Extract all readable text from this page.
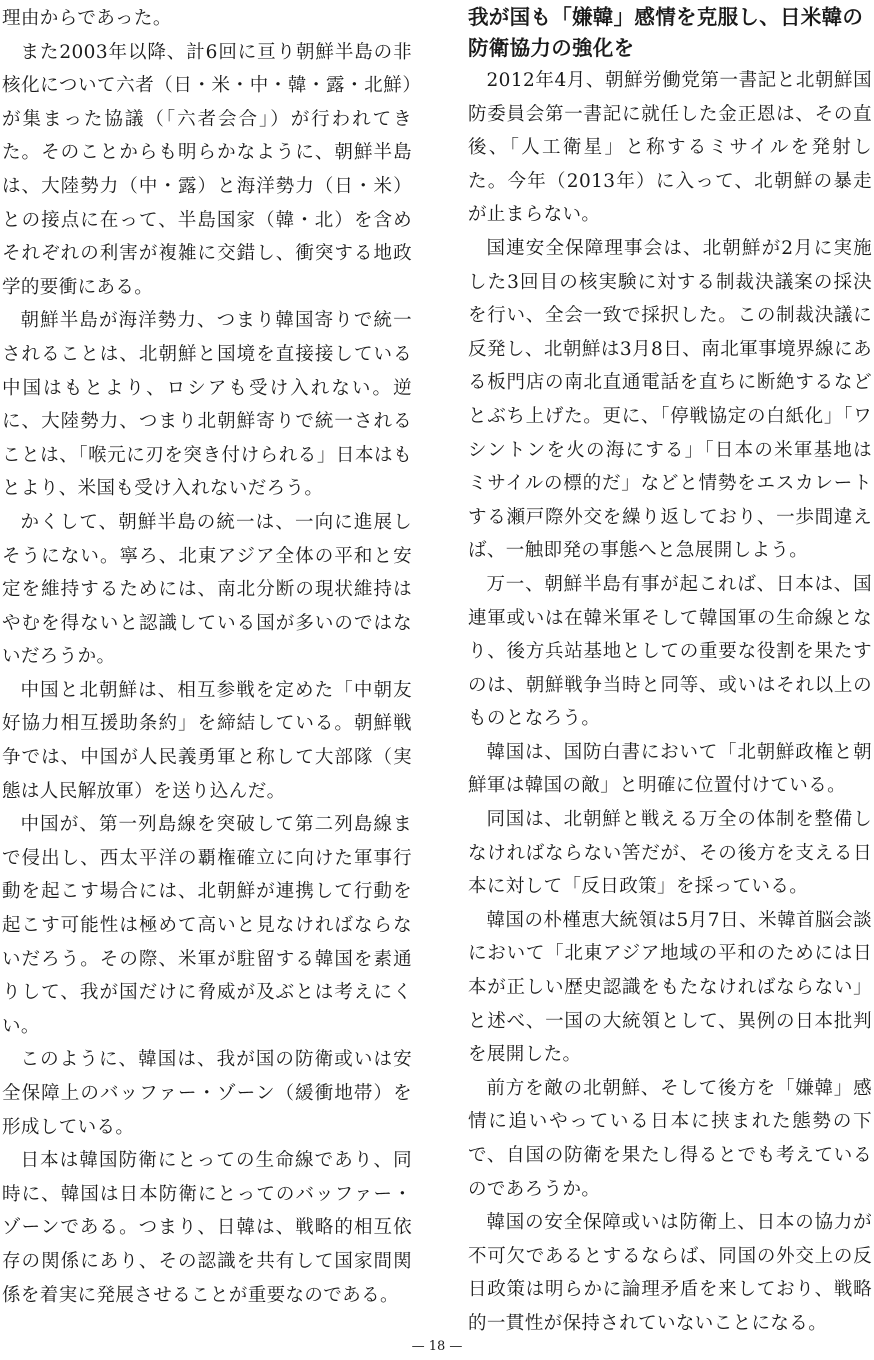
理由からであった。

また2003年以降、計6回に亘り朝鮮半島の非核化について六者（日・米・中・韓・露・北鮮）が集まった協議（「六者会合」）が行われてきた。そのことからも明らかなように、朝鮮半島は、大陸勢力（中・露）と海洋勢力（日・米）との接点に在って、半島国家（韓・北）を含めそれぞれの利害が複雑に交錯し、衝突する地政学的要衝にある。

朝鮮半島が海洋勢力、つまり韓国寄りで統一されることは、北朝鮮と国境を直接接している中国はもとより、ロシアも受け入れない。逆に、大陸勢力、つまり北朝鮮寄りで統一されることは、「喉元に刃を突き付けられる」日本はもとより、米国も受け入れないだろう。

かくして、朝鮮半島の統一は、一向に進展しそうにない。寧ろ、北東アジア全体の平和と安定を維持するためには、南北分断の現状維持はやむを得ないと認識している国が多いのではないだろうか。

中国と北朝鮮は、相互参戦を定めた「中朝友好協力相互援助条約」を締結している。朝鮮戦争では、中国が人民義勇軍と称して大部隊（実態は人民解放軍）を送り込んだ。

中国が、第一列島線を突破して第二列島線まで侵出し、西太平洋の覇権確立に向けた軍事行動を起こす場合には、北朝鮮が連携して行動を起こす可能性は極めて高いと見なければならないだろう。その際、米軍が駐留する韓国を素通りして、我が国だけに脅威が及ぶとは考えにくい。

このように、韓国は、我が国の防衛或いは安全保障上のバッファー・ゾーン（緩衝地帯）を形成している。

日本は韓国防衛にとっての生命線であり、同時に、韓国は日本防衛にとってのバッファー・ゾーンである。つまり、日韓は、戦略的相互依存の関係にあり、その認識を共有して国家間関係を着実に発展させることが重要なのである。

我が国も「嫌韓」感情を克服し、日米韓の防衛協力の強化を

2012年4月、朝鮮労働党第一書記と北朝鮮国防委員会第一書記に就任した金正恩は、その直後、「人工衛星」と称するミサイルを発射した。今年（2013年）に入って、北朝鮮の暴走が止まらない。

国連安全保障理事会は、北朝鮮が2月に実施した3回目の核実験に対する制裁決議案の採決を行い、全会一致で採択した。この制裁決議に反発し、北朝鮮は3月8日、南北軍事境界線にある板門店の南北直通電話を直ちに断絶するなどとぶち上げた。更に、「停戦協定の白紙化」「ワシントンを火の海にする」「日本の米軍基地はミサイルの標的だ」などと情勢をエスカレートする瀬戸際外交を繰り返しており、一歩間違えば、一触即発の事態へと急展開しよう。

万一、朝鮮半島有事が起これば、日本は、国連軍或いは在韓米軍そして韓国軍の生命線となり、後方兵站基地としての重要な役割を果たすのは、朝鮮戦争当時と同等、或いはそれ以上のものとなろう。

韓国は、国防白書において「北朝鮮政権と朝鮮軍は韓国の敵」と明確に位置付けている。

同国は、北朝鮮と戦える万全の体制を整備しなければならない筈だが、その後方を支える日本に対して「反日政策」を採っている。

韓国の朴槿恵大統領は5月7日、米韓首脳会談において「北東アジア地域の平和のためには日本が正しい歴史認識をもたなければならない」と述べ、一国の大統領として、異例の日本批判を展開した。

前方を敵の北朝鮮、そして後方を「嫌韓」感情に追いやっている日本に挟まれた態勢の下で、自国の防衛を果たし得るとでも考えているのであろうか。

韓国の安全保障或いは防衛上、日本の協力が不可欠であるとするならば、同国の外交上の反日政策は明らかに論理矛盾を来しており、戦略的一貫性が保持されていないことになる。

— 18 —
